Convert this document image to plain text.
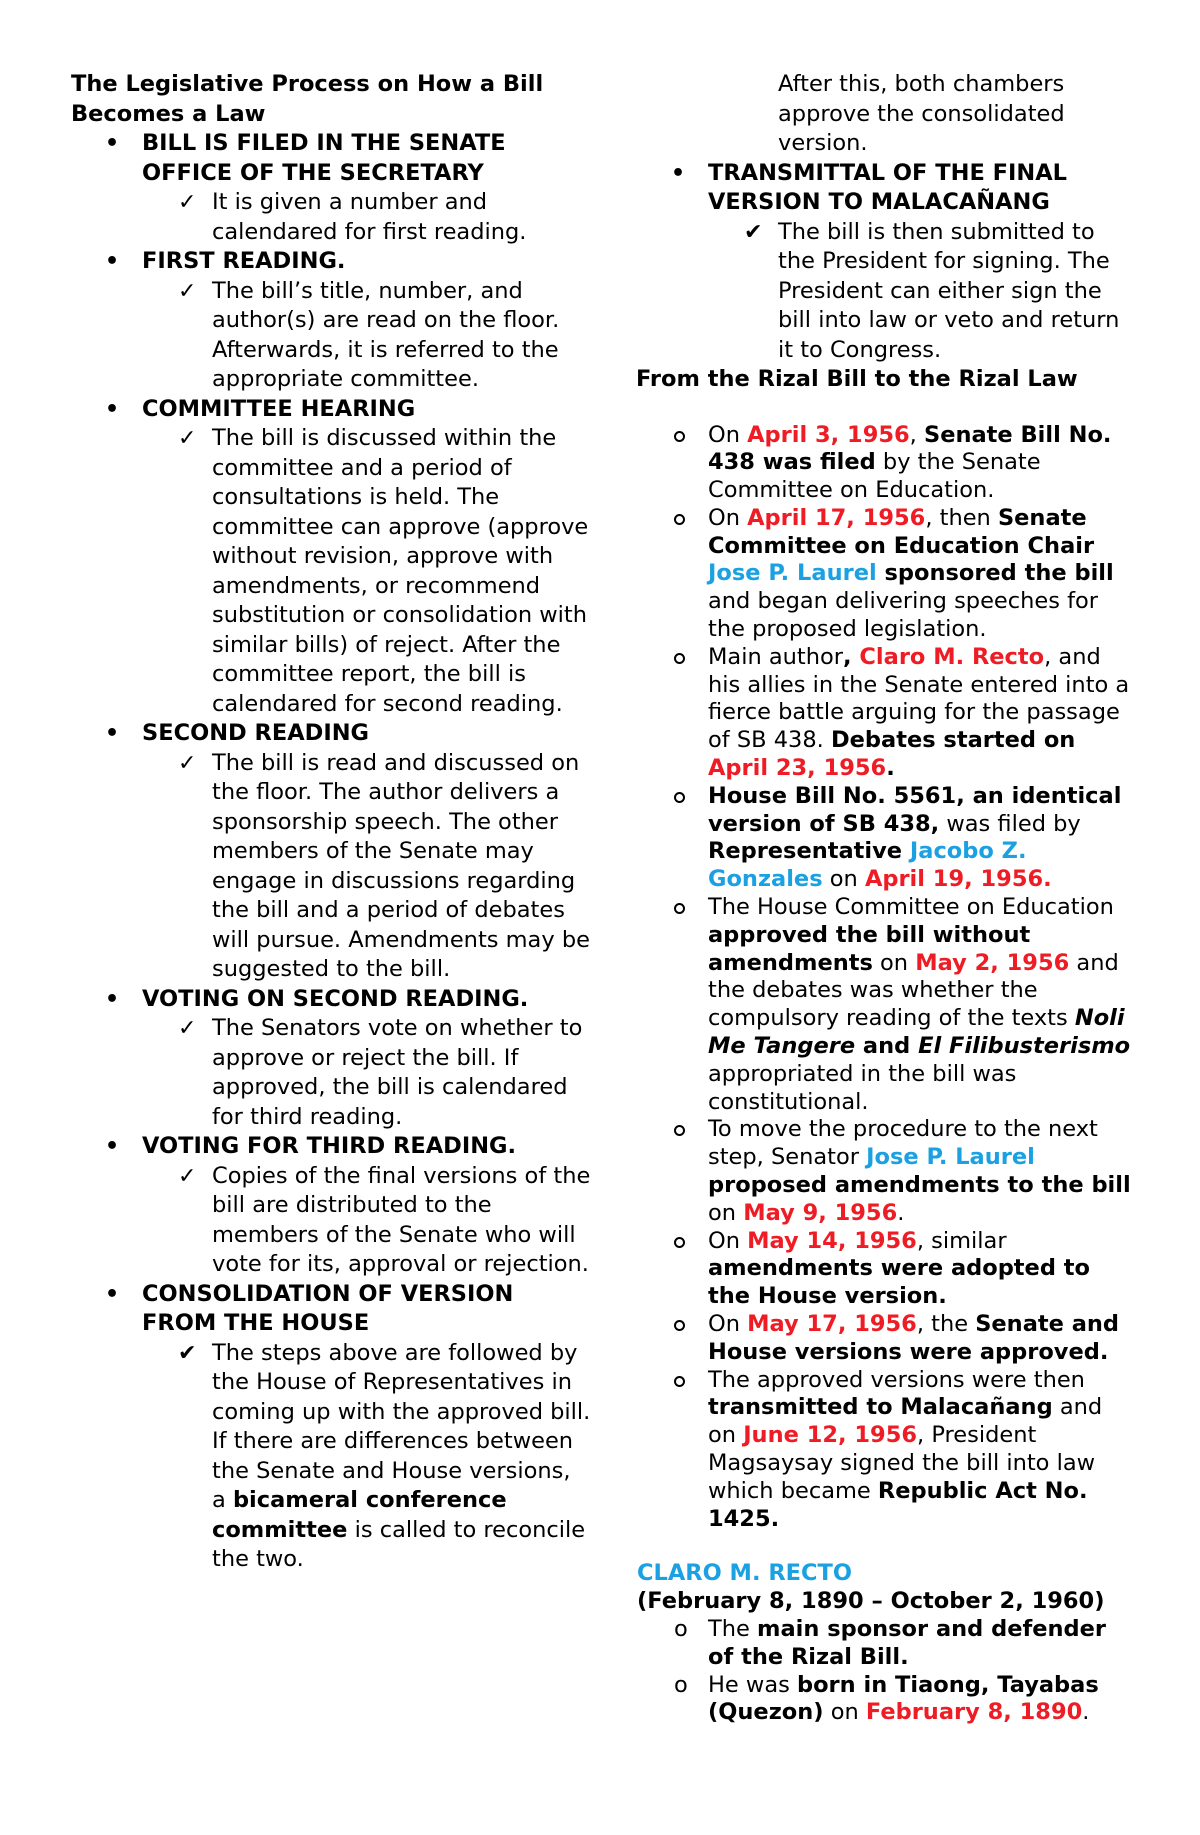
The Legislative Process on How a Bill Becomes a Law
• BILL IS FILED IN THE SENATE OFFICE OF THE SECRETARY
✓ It is given a number and calendared for first reading.
• FIRST READING.
✓ The bill’s title, number, and author(s) are read on the floor. Afterwards, it is referred to the appropriate committee.
• COMMITTEE HEARING
✓ The bill is discussed within the committee and a period of consultations is held. The committee can approve (approve without revision, approve with amendments, or recommend substitution or consolidation with similar bills) of reject. After the committee report, the bill is calendared for second reading.
• SECOND READING
✓ The bill is read and discussed on the floor. The author delivers a sponsorship speech. The other members of the Senate may engage in discussions regarding the bill and a period of debates will pursue. Amendments may be suggested to the bill.
• VOTING ON SECOND READING.
✓ The Senators vote on whether to approve or reject the bill. If approved, the bill is calendared for third reading.
• VOTING FOR THIRD READING.
✓ Copies of the final versions of the bill are distributed to the members of the Senate who will vote for its, approval or rejection.
• CONSOLIDATION OF VERSION FROM THE HOUSE
✔ The steps above are followed by the House of Representatives in coming up with the approved bill. If there are differences between the Senate and House versions, a bicameral conference committee is called to reconcile the two.
After this, both chambers approve the consolidated version.
• TRANSMITTAL OF THE FINAL VERSION TO MALACAÑANG
✔ The bill is then submitted to the President for signing. The President can either sign the bill into law or veto and return it to Congress.
From the Rizal Bill to the Rizal Law
On April 3, 1956, Senate Bill No. 438 was filed by the Senate Committee on Education.
On April 17, 1956, then Senate Committee on Education Chair Jose P. Laurel sponsored the bill and began delivering speeches for the proposed legislation.
Main author, Claro M. Recto, and his allies in the Senate entered into a fierce battle arguing for the passage of SB 438. Debates started on April 23, 1956.
House Bill No. 5561, an identical version of SB 438, was filed by Representative Jacobo Z. Gonzales on April 19, 1956.
The House Committee on Education approved the bill without amendments on May 2, 1956 and the debates was whether the compulsory reading of the texts Noli Me Tangere and El Filibusterismo appropriated in the bill was constitutional.
To move the procedure to the next step, Senator Jose P. Laurel proposed amendments to the bill on May 9, 1956.
On May 14, 1956, similar amendments were adopted to the House version.
On May 17, 1956, the Senate and House versions were approved.
The approved versions were then transmitted to Malacañang and on June 12, 1956, President Magsaysay signed the bill into law which became Republic Act No. 1425.
CLARO M. RECTO
(February 8, 1890 – October 2, 1960)
o The main sponsor and defender of the Rizal Bill.
o He was born in Tiaong, Tayabas (Quezon) on February 8, 1890.
